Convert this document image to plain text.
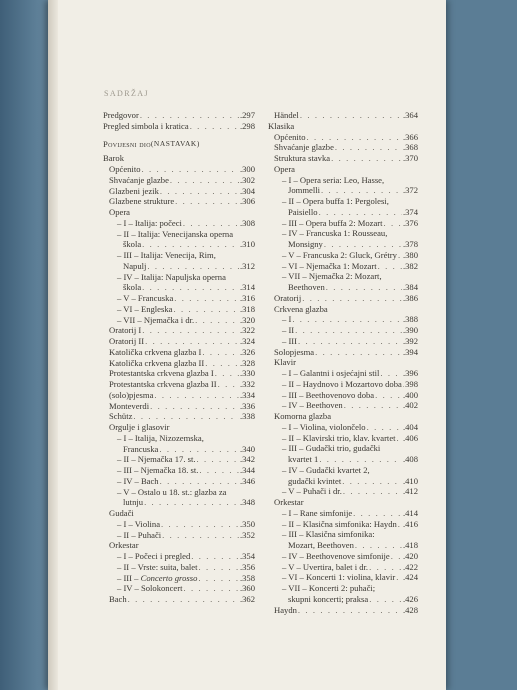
SADRŽAJ
Predgovor . . .	.297
Pregled simbola i kratica . . .	.298
Povijesni dio (NASTAVAK)
Barok
Općenito . . .	.300
Shvaćanje glazbe . . .	.302
Glazbeni jezik . . .	.304
Glazbene strukture . . .	.306
Opera
– I – Italija: počeci . . .	.308
– II – Italija: Venecijanska operna
škola . . .	.310
– III – Italija: Venecija, Rim,
Napulj . . .	.312
– IV – Italija: Napuljska operna
škola . . .	.314
– V – Francuska . . .	.316
– VI – Engleska . . .	.318
– VII – Njemačka i dr. . . .	.320
Oratorij I . . .	.322
Oratorij II . . .	.324
Katolička crkvena glazba I . . .	.326
Katolička crkvena glazba II . . .	.328
Protestantska crkvena glazba I . . .	.330
Protestantska crkvena glazba II . . .	.332
(solo)pjesma . . .	.334
Monteverdi . . .	.336
Schütz . . .	.338
Orgulje i glasovir
– I – Italija, Nizozemska,
Francuska . . .	.340
– II – Njemačka 17. st. . . .	.342
– III – Njemačka 18. st. . . .	.344
– IV – Bach . . .	.346
– V – Ostalo u 18. st.: glazba za
lutnju . . .	.348
Gudači
– I – Violina . . .	.350
– II – Puhači . . .	.352
Orkestar
– I – Počeci i pregled . . .	.354
– II – Vrste: suita, balet . . .	.356
– III – Concerto grosso . . .	.358
– IV – Solokoncert . . .	.360
Bach . . .	.362
Händel . . .	.364
Klasika
Općenito . . .	.366
Shvaćanje glazbe . . .	.368
Struktura stavka . . .	.370
Opera
– I – Opera seria: Leo, Hasse,
Jommelli . . .	.372
– II – Opera buffa 1: Pergolesi,
Paisiello . . .	.374
– III – Opera buffa 2: Mozart . . . .376
– IV – Francuska 1: Rousseau,
Monsigny . . .	.378
– V – Francuska 2: Gluck, Grétry . . . .380
– VI – Njemačka 1: Mozart . . .	.382
– VII – Njemačka 2: Mozart,
Beethoven . . .	.384
Oratorij . . .	.386
Crkvena glazba
– I . . .	.388
– II . . .	.390
– III . . .	.392
Solopjesma . . .	.394
Klavir
– I – Galantni i osjećajni stil . . .	.396
– II – Haydnovo i Mozartovo doba . . . 398
– III – Beethovenovo doba . . .	.400
– IV – Beethoven . . .	.402
Komorna glazba
– I – Violina, violončelo . . .	.404
– II – Klavirski trio, klav. kvartet . . . .406
– III – Gudački trio, gudački
kvartet 1 . . .	.408
– IV – Gudački kvartet 2,
gudački kvintet . . .	.410
– V – Puhači i dr. . . .	.412
Orkestar
– I – Rane simfonije . . .	.414
– II – Klasična simfonika: Haydn . . . .416
– III – Klasična simfonika:
Mozart, Beethoven . . .	.418
– IV – Beethovenove simfonije . . . .420
– V – Uvertira, balet i dr. . . .	.422
– VI – Koncerti 1: violina, klavir . . . .424
– VII – Koncerti 2: puhači;
skupni koncerti; praksa . . .	.426
Haydn . . .	.428
